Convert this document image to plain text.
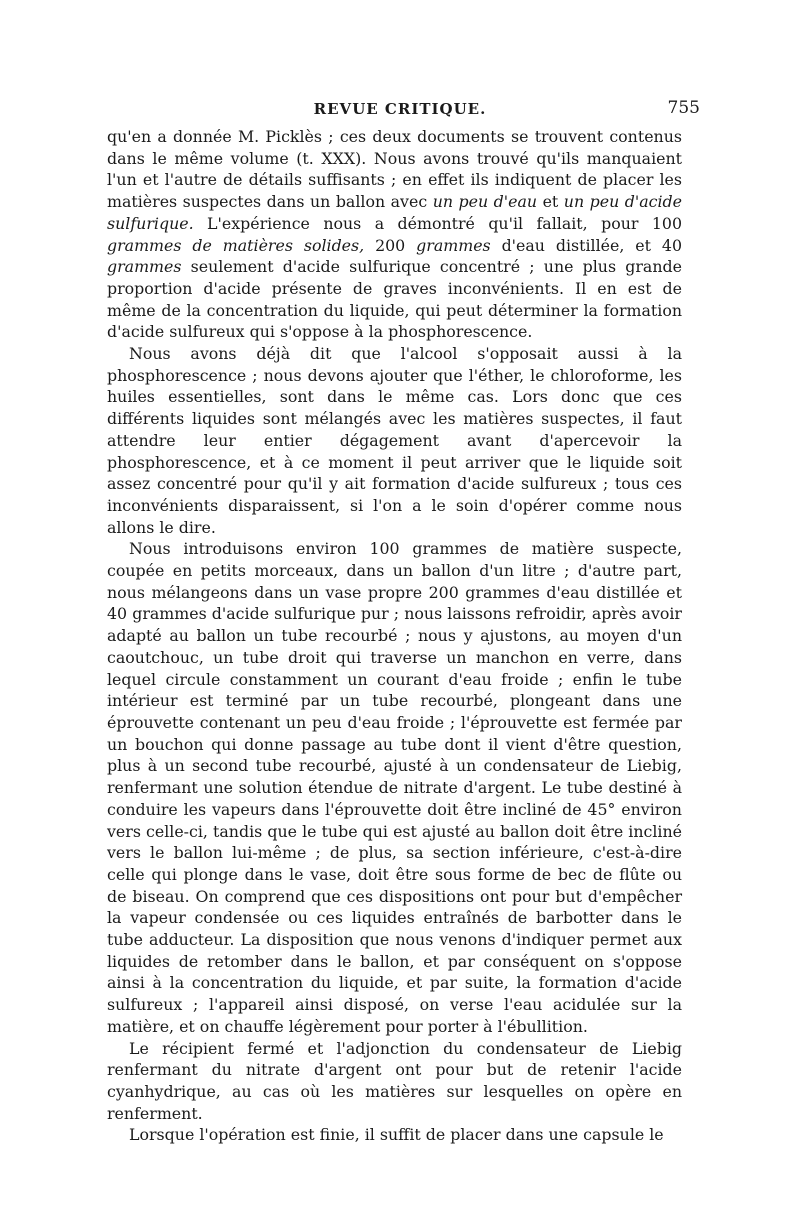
REVUE CRITIQUE.	755

qu'en a donnée M. Picklès ; ces deux documents se trouvent contenus dans le même volume (t. XXX). Nous avons trouvé qu'ils manquaient l'un et l'autre de détails suffisants ; en effet ils indiquent de placer les matières suspectes dans un ballon avec un peu d'eau et un peu d'acide sulfurique. L'expérience nous a démontré qu'il fallait, pour 100 grammes de matières solides, 200 grammes d'eau distillée, et 40 grammes seulement d'acide sulfurique concentré ; une plus grande proportion d'acide présente de graves inconvénients. Il en est de même de la concentration du liquide, qui peut déterminer la formation d'acide sulfureux qui s'oppose à la phosphorescence.

Nous avons déjà dit que l'alcool s'opposait aussi à la phosphorescence ; nous devons ajouter que l'éther, le chloroforme, les huiles essentielles, sont dans le même cas. Lors donc que ces différents liquides sont mélangés avec les matières suspectes, il faut attendre leur entier dégagement avant d'apercevoir la phosphorescence, et à ce moment il peut arriver que le liquide soit assez concentré pour qu'il y ait formation d'acide sulfureux ; tous ces inconvénients disparaissent, si l'on a le soin d'opérer comme nous allons le dire.

Nous introduisons environ 100 grammes de matière suspecte, coupée en petits morceaux, dans un ballon d'un litre ; d'autre part, nous mélangeons dans un vase propre 200 grammes d'eau distillée et 40 grammes d'acide sulfurique pur ; nous laissons refroidir, après avoir adapté au ballon un tube recourbé ; nous y ajustons, au moyen d'un caoutchouc, un tube droit qui traverse un manchon en verre, dans lequel circule constamment un courant d'eau froide ; enfin le tube intérieur est terminé par un tube recourbé, plongeant dans une éprouvette contenant un peu d'eau froide ; l'éprouvette est fermée par un bouchon qui donne passage au tube dont il vient d'être question, plus à un second tube recourbé, ajusté à un condensateur de Liebig, renfermant une solution étendue de nitrate d'argent. Le tube destiné à conduire les vapeurs dans l'éprouvette doit être incliné de 45° environ vers celle-ci, tandis que le tube qui est ajusté au ballon doit être incliné vers le ballon lui-même ; de plus, sa section inférieure, c'est-à-dire celle qui plonge dans le vase, doit être sous forme de bec de flûte ou de biseau. On comprend que ces dispositions ont pour but d'empêcher la vapeur condensée ou ces liquides entraînés de barbotter dans le tube adducteur. La disposition que nous venons d'indiquer permet aux liquides de retomber dans le ballon, et par conséquent on s'oppose ainsi à la concentration du liquide, et par suite, la formation d'acide sulfureux ; l'appareil ainsi disposé, on verse l'eau acidulée sur la matière, et on chauffe légèrement pour porter à l'ébullition.

Le récipient fermé et l'adjonction du condensateur de Liebig renfermant du nitrate d'argent ont pour but de retenir l'acide cyanhydrique, au cas où les matières sur lesquelles on opère en renferment.

Lorsque l'opération est finie, il suffit de placer dans une capsule le
